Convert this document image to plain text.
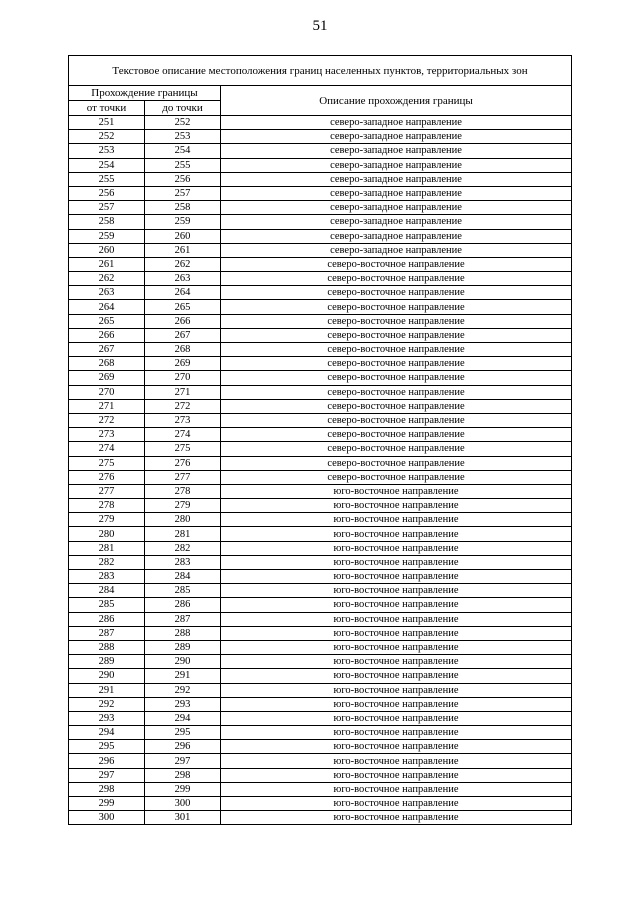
51
Текстовое описание местоположения границ населенных пунктов, территориальных зон		
Прохождение границы		Описание прохождения границы
от точки	до точки	
251	252	северо-западное направление
252	253	северо-западное направление
253	254	северо-западное направление
254	255	северо-западное направление
255	256	северо-западное направление
256	257	северо-западное направление
257	258	северо-западное направление
258	259	северо-западное направление
259	260	северо-западное направление
260	261	северо-западное направление
261	262	северо-восточное направление
262	263	северо-восточное направление
263	264	северо-восточное направление
264	265	северо-восточное направление
265	266	северо-восточное направление
266	267	северо-восточное направление
267	268	северо-восточное направление
268	269	северо-восточное направление
269	270	северо-восточное направление
270	271	северо-восточное направление
271	272	северо-восточное направление
272	273	северо-восточное направление
273	274	северо-восточное направление
274	275	северо-восточное направление
275	276	северо-восточное направление
276	277	северо-восточное направление
277	278	юго-восточное направление
278	279	юго-восточное направление
279	280	юго-восточное направление
280	281	юго-восточное направление
281	282	юго-восточное направление
282	283	юго-восточное направление
283	284	юго-восточное направление
284	285	юго-восточное направление
285	286	юго-восточное направление
286	287	юго-восточное направление
287	288	юго-восточное направление
288	289	юго-восточное направление
289	290	юго-восточное направление
290	291	юго-восточное направление
291	292	юго-восточное направление
292	293	юго-восточное направление
293	294	юго-восточное направление
294	295	юго-восточное направление
295	296	юго-восточное направление
296	297	юго-восточное направление
297	298	юго-восточное направление
298	299	юго-восточное направление
299	300	юго-восточное направление
300	301	юго-восточное направление
